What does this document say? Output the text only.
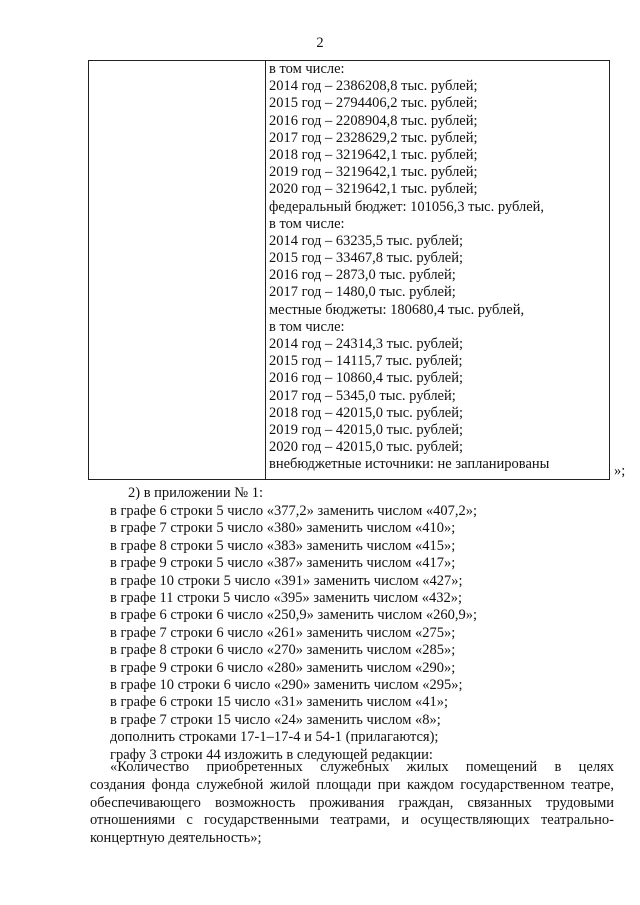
2
в том числе:
2014 год – 2386208,8 тыс. рублей;
2015 год – 2794406,2 тыс. рублей;
2016 год – 2208904,8 тыс. рублей;
2017 год – 2328629,2 тыс. рублей;
2018 год – 3219642,1 тыс. рублей;
2019 год – 3219642,1 тыс. рублей;
2020 год – 3219642,1 тыс. рублей;
федеральный бюджет: 101056,3 тыс. рублей,
в том числе:
2014 год – 63235,5 тыс. рублей;
2015 год – 33467,8 тыс. рублей;
2016 год – 2873,0 тыс. рублей;
2017 год – 1480,0 тыс. рублей;
местные бюджеты: 180680,4 тыс. рублей,
в том числе:
2014 год – 24314,3 тыс. рублей;
2015 год – 14115,7 тыс. рублей;
2016 год – 10860,4 тыс. рублей;
2017 год – 5345,0 тыс. рублей;
2018 год – 42015,0 тыс. рублей;
2019 год – 42015,0 тыс. рублей;
2020 год – 42015,0 тыс. рублей;
внебюджетные источники: не запланированы	»;
2) в приложении № 1:
в графе 6 строки 5 число «377,2» заменить числом «407,2»;
в графе 7 строки 5 число «380» заменить числом «410»;
в графе 8 строки 5 число «383» заменить числом «415»;
в графе 9 строки 5 число «387» заменить числом «417»;
в графе 10 строки 5 число «391» заменить числом «427»;
в графе 11 строки 5 число «395» заменить числом «432»;
в графе 6 строки 6 число «250,9» заменить числом «260,9»;
в графе 7 строки 6 число «261» заменить числом «275»;
в графе 8 строки 6 число «270» заменить числом «285»;
в графе 9 строки 6 число «280» заменить числом «290»;
в графе 10 строки 6 число «290» заменить числом «295»;
в графе 6 строки 15 число «31» заменить числом «41»;
в графе 7 строки 15 число «24» заменить числом «8»;
дополнить строками 17-1–17-4 и 54-1 (прилагаются);
графу 3 строки 44 изложить в следующей редакции:
«Количество приобретенных служебных жилых помещений в целях
создания фонда служебной жилой площади при каждом государственном театре,
обеспечивающего возможность проживания граждан, связанных трудовыми
отношениями с государственными театрами, и осуществляющих театрально-
концертную деятельность»;
